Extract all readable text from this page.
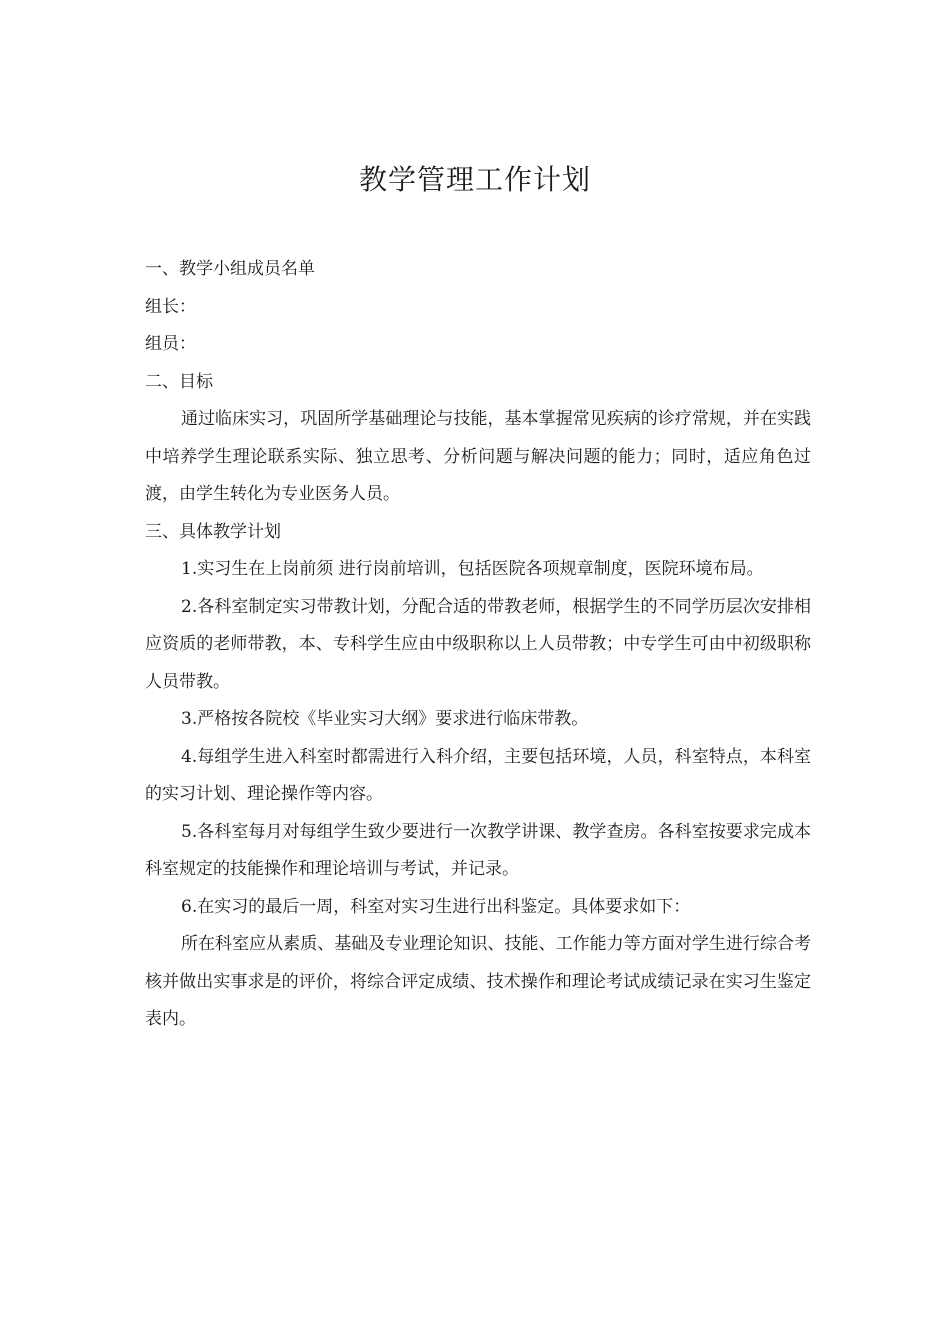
教学管理工作计划

一、教学小组成员名单

组长：

组员：

二、目标

通过临床实习，巩固所学基础理论与技能，基本掌握常见疾病的诊疗常规，并在实践中培养学生理论联系实际、独立思考、分析问题与解决问题的能力；同时，适应角色过渡，由学生转化为专业医务人员。

三、具体教学计划

1.实习生在上岗前须 进行岗前培训，包括医院各项规章制度，医院环境布局。

2.各科室制定实习带教计划，分配合适的带教老师，根据学生的不同学历层次安排相应资质的老师带教，本、专科学生应由中级职称以上人员带教；中专学生可由中初级职称人员带教。

3.严格按各院校《毕业实习大纲》要求进行临床带教。

4.每组学生进入科室时都需进行入科介绍，主要包括环境，人员，科室特点，本科室的实习计划、理论操作等内容。

5.各科室每月对每组学生致少要进行一次教学讲课、教学查房。各科室按要求完成本科室规定的技能操作和理论培训与考试，并记录。

6.在实习的最后一周，科室对实习生进行出科鉴定。具体要求如下：

所在科室应从素质、基础及专业理论知识、技能、工作能力等方面对学生进行综合考核并做出实事求是的评价，将综合评定成绩、技术操作和理论考试成绩记录在实习生鉴定表内。
